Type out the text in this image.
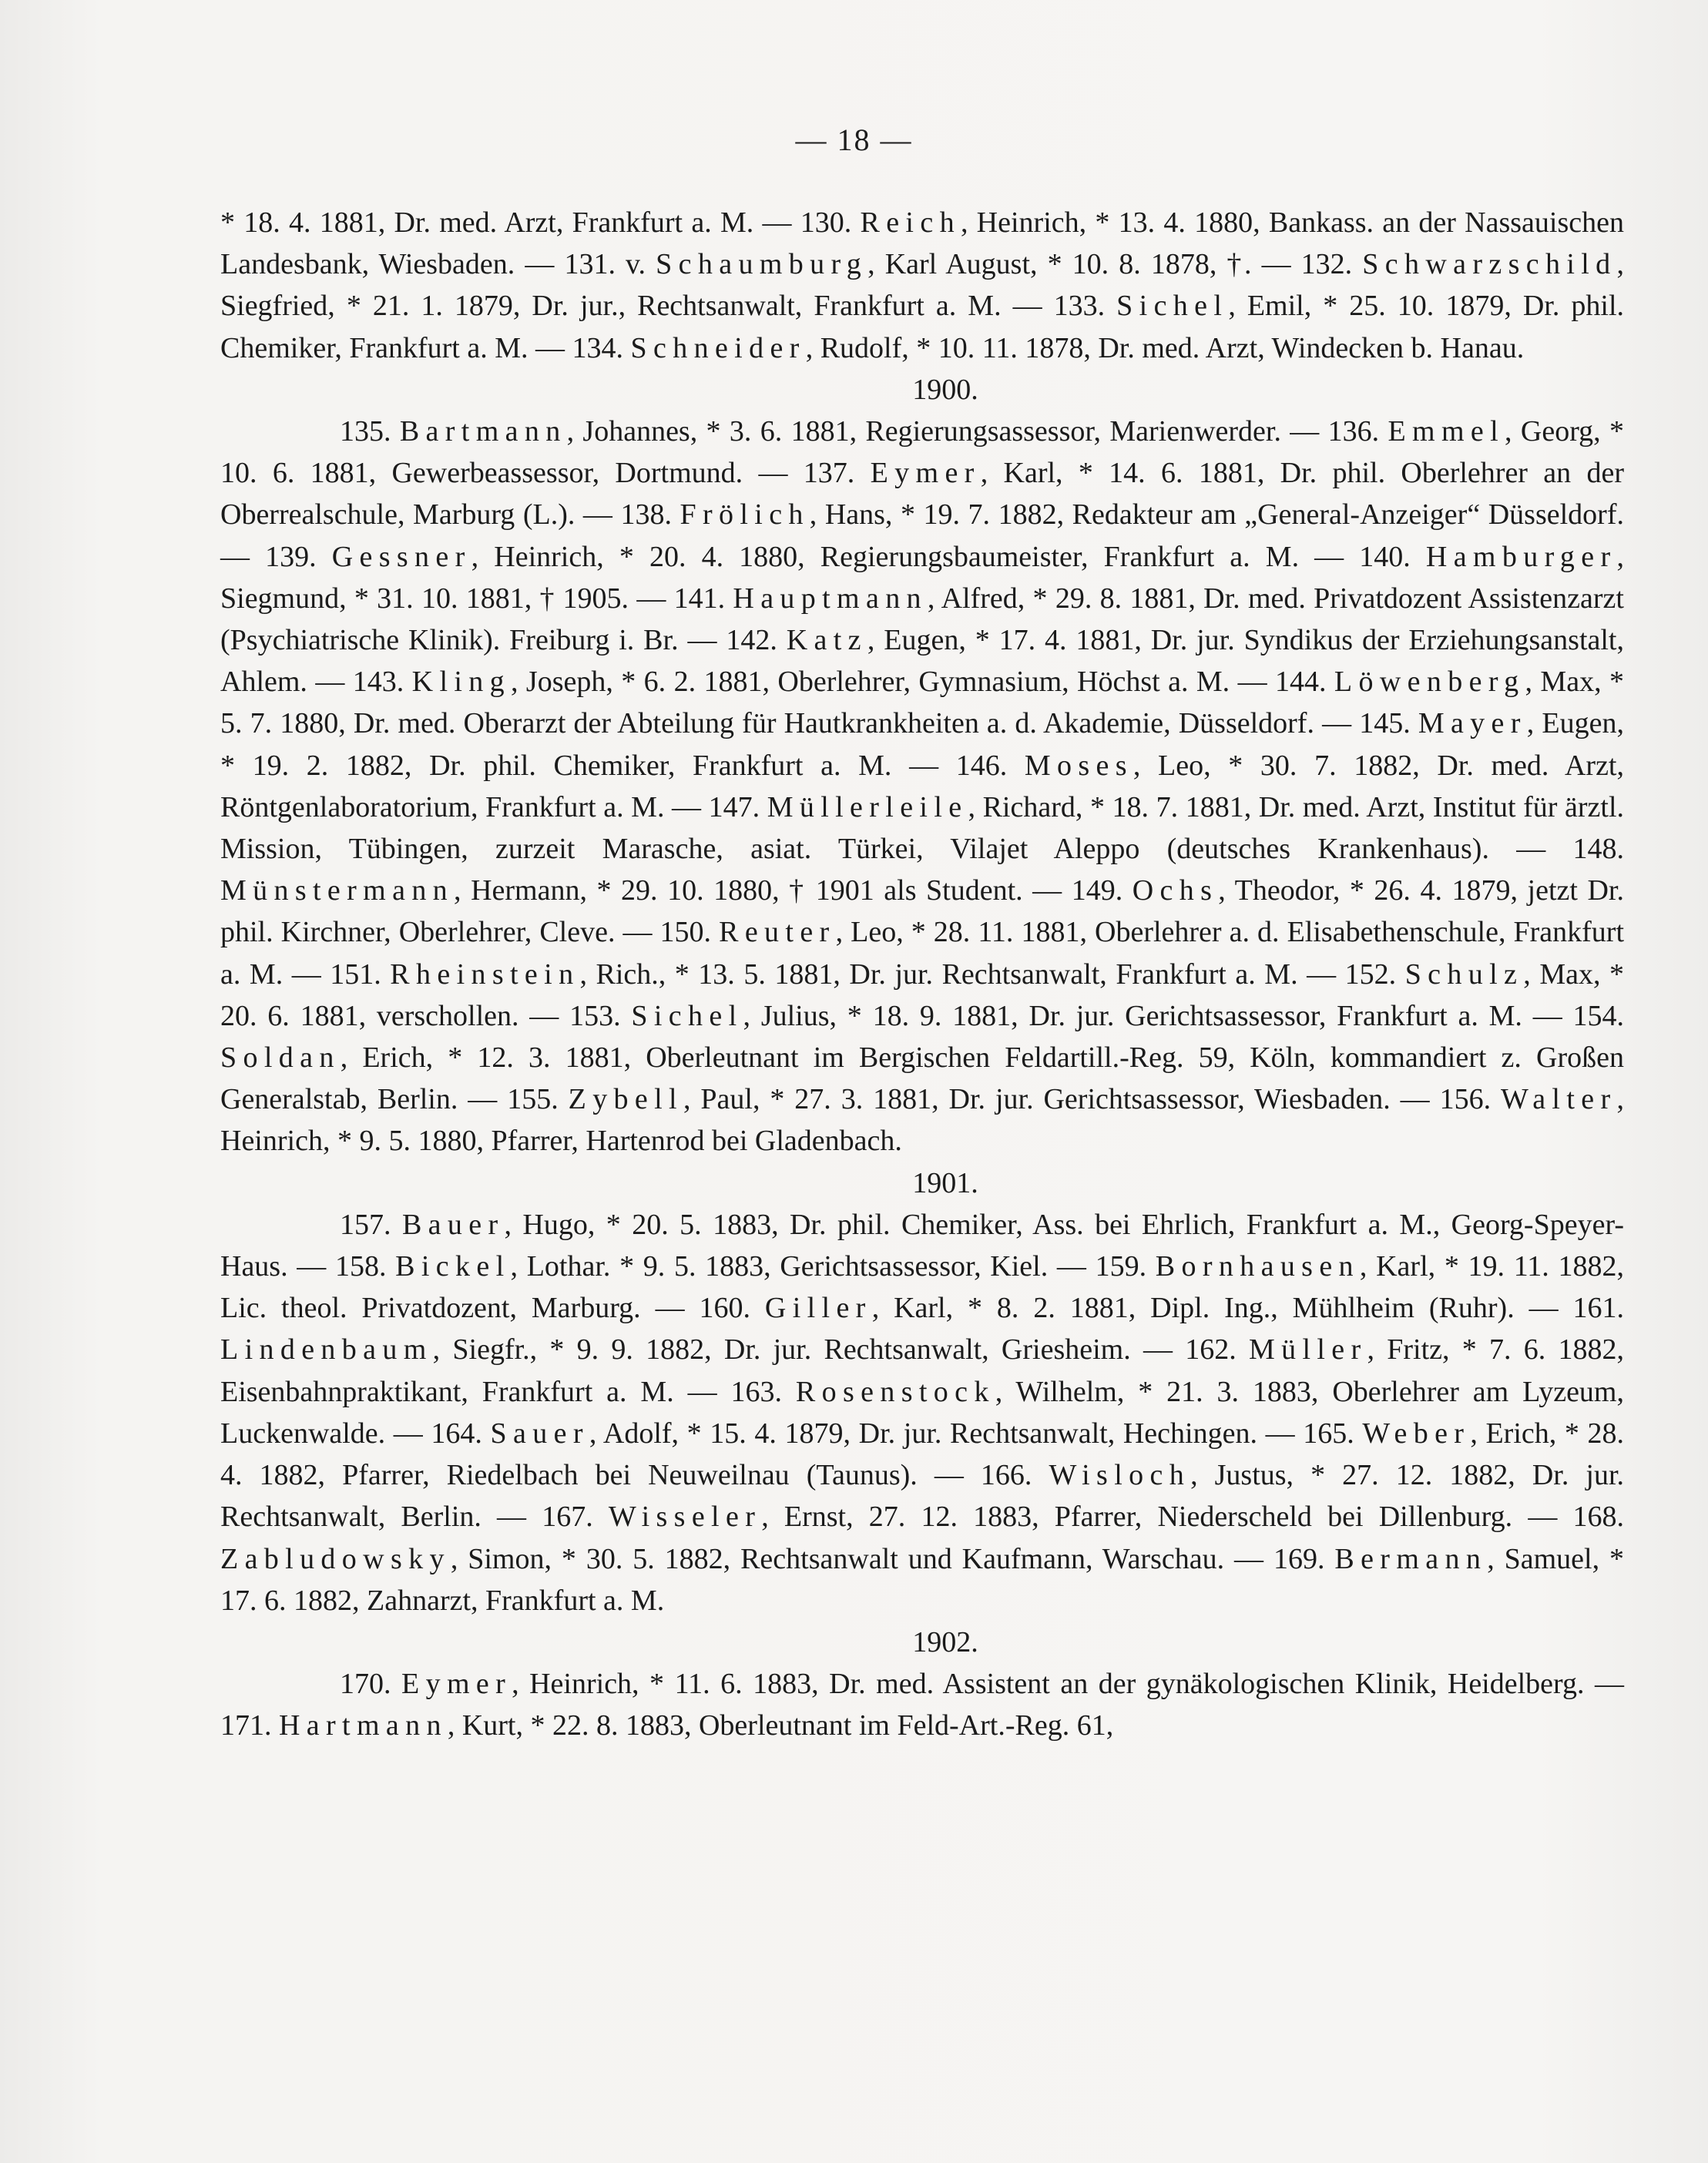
— 18 —

* 18. 4. 1881, Dr. med. Arzt, Frankfurt a. M. — 130. Reich, Heinrich, * 13. 4. 1880, Bankass. an der Nassauischen Landesbank, Wiesbaden. — 131. v. Schaumburg, Karl August, * 10. 8. 1878, †. — 132. Schwarzschild, Siegfried, * 21. 1. 1879, Dr. jur., Rechtsanwalt, Frankfurt a. M. — 133. Sichel, Emil, * 25. 10. 1879, Dr. phil. Chemiker, Frankfurt a. M. — 134. Schneider, Rudolf, * 10. 11. 1878, Dr. med. Arzt, Windecken b. Hanau.

1900.

135. Bartmann, Johannes, * 3. 6. 1881, Regierungsassessor, Marienwerder. — 136. Emmel, Georg, * 10. 6. 1881, Gewerbeassessor, Dortmund. — 137. Eymer, Karl, * 14. 6. 1881, Dr. phil. Oberlehrer an der Oberrealschule, Marburg (L.). — 138. Frölich, Hans, * 19. 7. 1882, Redakteur am „General-Anzeiger“ Düsseldorf. — 139. Gessner, Heinrich, * 20. 4. 1880, Regierungsbaumeister, Frankfurt a. M. — 140. Hamburger, Siegmund, * 31. 10. 1881, † 1905. — 141. Hauptmann, Alfred, * 29. 8. 1881, Dr. med. Privatdozent Assistenzarzt (Psychiatrische Klinik). Freiburg i. Br. — 142. Katz, Eugen, * 17. 4. 1881, Dr. jur. Syndikus der Erziehungsanstalt, Ahlem. — 143. Kling, Joseph, * 6. 2. 1881, Oberlehrer, Gymnasium, Höchst a. M. — 144. Löwenberg, Max, * 5. 7. 1880, Dr. med. Oberarzt der Abteilung für Hautkrankheiten a. d. Akademie, Düsseldorf. — 145. Mayer, Eugen, * 19. 2. 1882, Dr. phil. Chemiker, Frankfurt a. M. — 146. Moses, Leo, * 30. 7. 1882, Dr. med. Arzt, Röntgenlaboratorium, Frankfurt a. M. — 147. Müllerleile, Richard, * 18. 7. 1881, Dr. med. Arzt, Institut für ärztl. Mission, Tübingen, zurzeit Marasche, asiat. Türkei, Vilajet Aleppo (deutsches Krankenhaus). — 148. Münstermann, Hermann, * 29. 10. 1880, † 1901 als Student. — 149. Ochs, Theodor, * 26. 4. 1879, jetzt Dr. phil. Kirchner, Oberlehrer, Cleve. — 150. Reuter, Leo, * 28. 11. 1881, Oberlehrer a. d. Elisabethenschule, Frankfurt a. M. — 151. Rheinstein, Rich., * 13. 5. 1881, Dr. jur. Rechtsanwalt, Frankfurt a. M. — 152. Schulz, Max, * 20. 6. 1881, verschollen. — 153. Sichel, Julius, * 18. 9. 1881, Dr. jur. Gerichtsassessor, Frankfurt a. M. — 154. Soldan, Erich, * 12. 3. 1881, Oberleutnant im Bergischen Feldartill.-Reg. 59, Köln, kommandiert z. Großen Generalstab, Berlin. — 155. Zybell, Paul, * 27. 3. 1881, Dr. jur. Gerichtsassessor, Wiesbaden. — 156. Walter, Heinrich, * 9. 5. 1880, Pfarrer, Hartenrod bei Gladenbach.

1901.

157. Bauer, Hugo, * 20. 5. 1883, Dr. phil. Chemiker, Ass. bei Ehrlich, Frankfurt a. M., Georg-Speyer-Haus. — 158. Bickel, Lothar. * 9. 5. 1883, Gerichtsassessor, Kiel. — 159. Bornhausen, Karl, * 19. 11. 1882, Lic. theol. Privatdozent, Marburg. — 160. Giller, Karl, * 8. 2. 1881, Dipl. Ing., Mühlheim (Ruhr). — 161. Lindenbaum, Siegfr., * 9. 9. 1882, Dr. jur. Rechtsanwalt, Griesheim. — 162. Müller, Fritz, * 7. 6. 1882, Eisenbahnpraktikant, Frankfurt a. M. — 163. Rosenstock, Wilhelm, * 21. 3. 1883, Oberlehrer am Lyzeum, Luckenwalde. — 164. Sauer, Adolf, * 15. 4. 1879, Dr. jur. Rechtsanwalt, Hechingen. — 165. Weber, Erich, * 28. 4. 1882, Pfarrer, Riedelbach bei Neuweilnau (Taunus). — 166. Wisloch, Justus, * 27. 12. 1882, Dr. jur. Rechtsanwalt, Berlin. — 167. Wisseler, Ernst, 27. 12. 1883, Pfarrer, Niederscheld bei Dillenburg. — 168. Zabludowsky, Simon, * 30. 5. 1882, Rechtsanwalt und Kaufmann, Warschau. — 169. Bermann, Samuel, * 17. 6. 1882, Zahnarzt, Frankfurt a. M.

1902.

170. Eymer, Heinrich, * 11. 6. 1883, Dr. med. Assistent an der gynäkologischen Klinik, Heidelberg. — 171. Hartmann, Kurt, * 22. 8. 1883, Oberleutnant im Feld-Art.-Reg. 61,
